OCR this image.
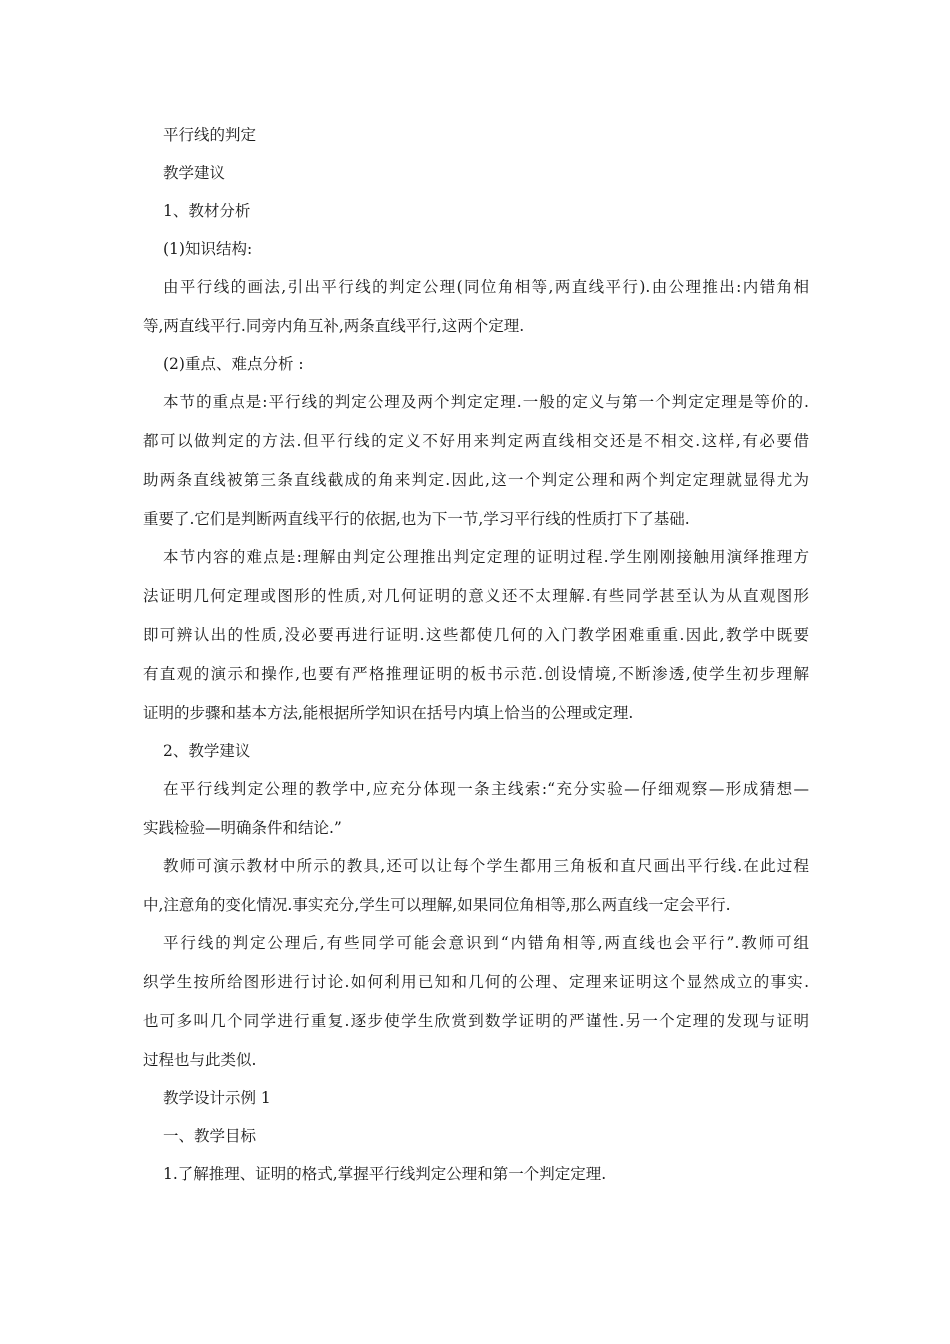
平行线的判定
教学建议
1、教材分析
(1)知识结构:
由平行线的画法,引出平行线的判定公理(同位角相等,两直线平行).由公理推出:内错角相
等,两直线平行.同旁内角互补,两条直线平行,这两个定理.
(2)重点、难点分析 :
本节的重点是:平行线的判定公理及两个判定定理.一般的定义与第一个判定定理是等价的.
都可以做判定的方法.但平行线的定义不好用来判定两直线相交还是不相交.这样,有必要借
助两条直线被第三条直线截成的角来判定.因此,这一个判定公理和两个判定定理就显得尤为
重要了.它们是判断两直线平行的依据,也为下一节,学习平行线的性质打下了基础.
本节内容的难点是:理解由判定公理推出判定定理的证明过程.学生刚刚接触用演绎推理方
法证明几何定理或图形的性质,对几何证明的意义还不太理解.有些同学甚至认为从直观图形
即可辨认出的性质,没必要再进行证明.这些都使几何的入门教学困难重重.因此,教学中既要
有直观的演示和操作,也要有严格推理证明的板书示范.创设情境,不断渗透,使学生初步理解
证明的步骤和基本方法,能根据所学知识在括号内填上恰当的公理或定理.
2、教学建议
在平行线判定公理的教学中,应充分体现一条主线索:“充分实验—仔细观察—形成猜想—
实践检验—明确条件和结论.”
教师可演示教材中所示的教具,还可以让每个学生都用三角板和直尺画出平行线.在此过程
中,注意角的变化情况.事实充分,学生可以理解,如果同位角相等,那么两直线一定会平行.
平行线的判定公理后,有些同学可能会意识到“内错角相等,两直线也会平行”.教师可组
织学生按所给图形进行讨论.如何利用已知和几何的公理、定理来证明这个显然成立的事实.
也可多叫几个同学进行重复.逐步使学生欣赏到数学证明的严谨性.另一个定理的发现与证明
过程也与此类似.
教学设计示例 1
一、教学目标
1.了解推理、证明的格式,掌握平行线判定公理和第一个判定定理.
